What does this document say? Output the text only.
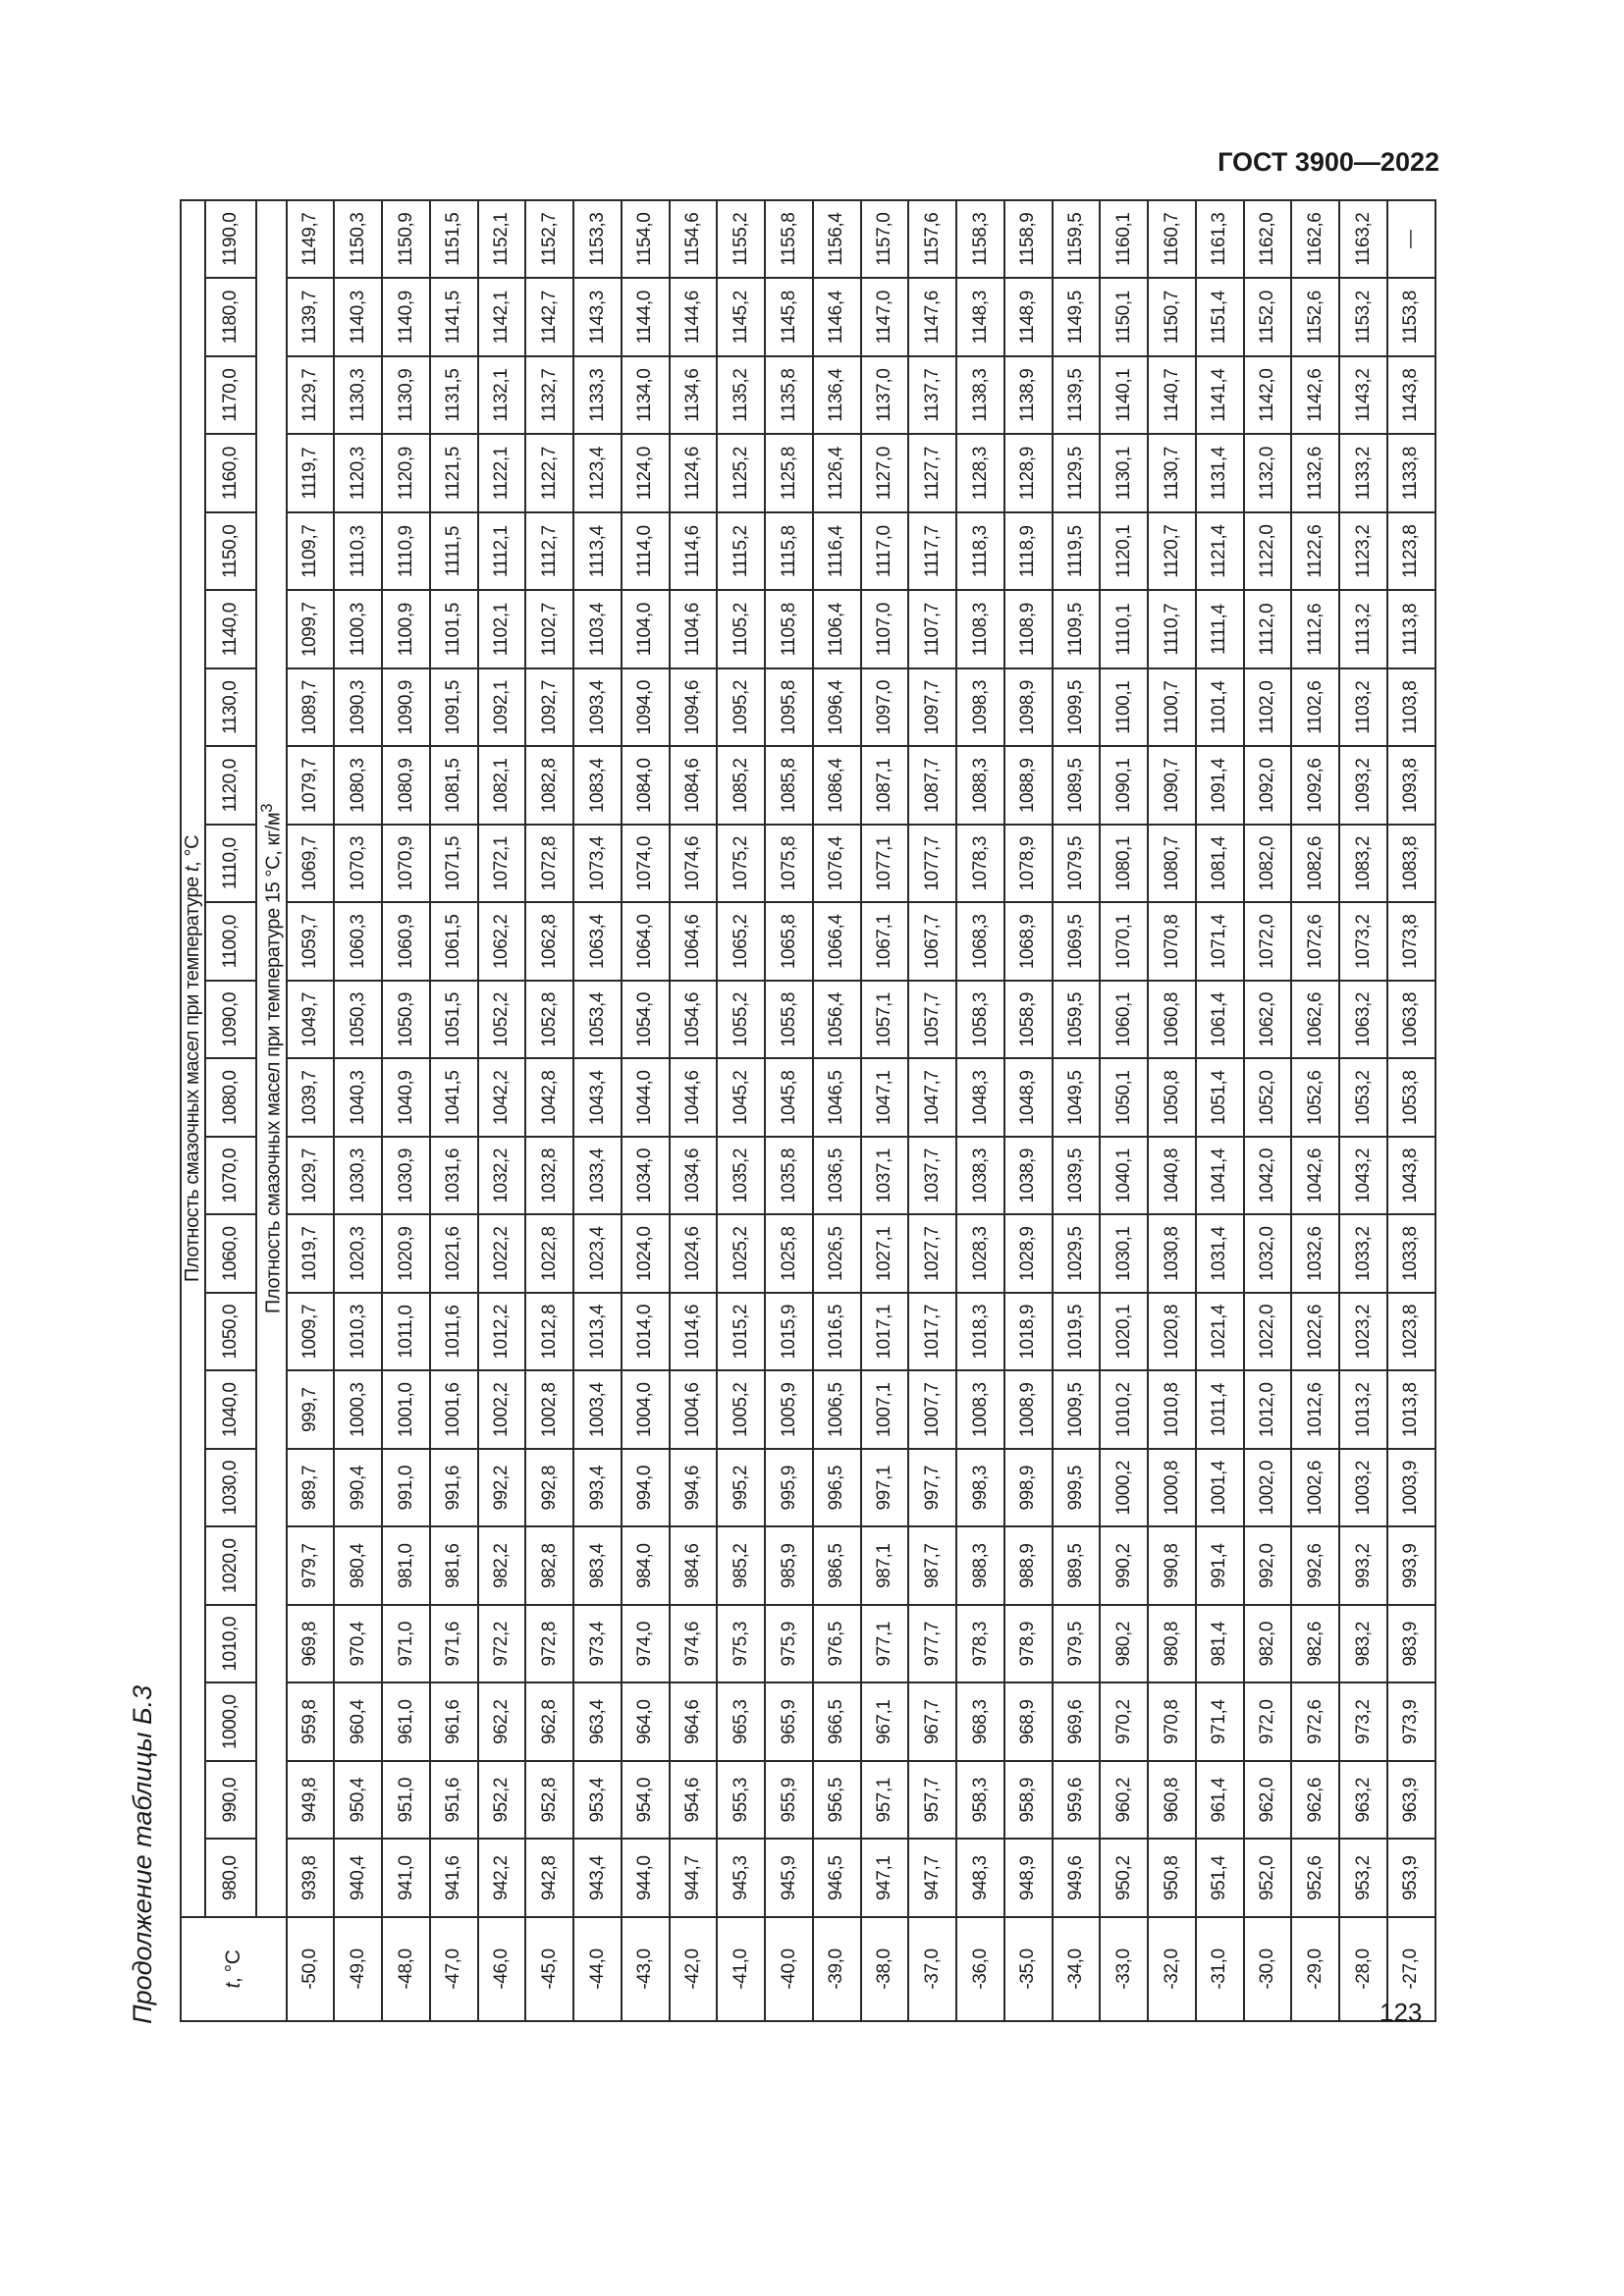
ГОСТ 3900—2022
Продолжение таблицы Б.3	t, °С	Плотность смазочных масел при температуре t, °С																					
	980,0	990,0	1000,0	1010,0	1020,0	1030,0	1040,0	1050,0	1060,0	1070,0	1080,0	1090,0	1100,0	1110,0	1120,0	1130,0	1140,0	1150,0	1160,0	1170,0	1180,0	1190,0
	Плотность смазочных масел при температуре 15 °С, $кг/м^3$
-50,0	939,8	949,8	959,8	969,8	979,7	989,7	999,7	1009,7	1019,7	1029,7	1039,7	1049,7	1059,7	1069,7	1079,7	1089,7	1099,7	1109,7	1119,7	1129,7	1139,7	1149,7
-49,0	940,4	950,4	960,4	970,4	980,4	990,4	1000,3	1010,3	1020,3	1030,3	1040,3	1050,3	1060,3	1070,3	1080,3	1090,3	1100,3	1110,3	1120,3	1130,3	1140,3	1150,3
-48,0	941,0	951,0	961,0	971,0	981,0	991,0	1001,0	1011,0	1020,9	1030,9	1040,9	1050,9	1060,9	1070,9	1080,9	1090,9	1100,9	1110,9	1120,9	1130,9	1140,9	1150,9
-47,0	941,6	951,6	961,6	971,6	981,6	991,6	1001,6	1011,6	1021,6	1031,6	1041,5	1051,5	1061,5	1071,5	1081,5	1091,5	1101,5	1111,5	1121,5	1131,5	1141,5	1151,5
-46,0	942,2	952,2	962,2	972,2	982,2	992,2	1002,2	1012,2	1022,2	1032,2	1042,2	1052,2	1062,2	1072,1	1082,1	1092,1	1102,1	1112,1	1122,1	1132,1	1142,1	1152,1
-45,0	942,8	952,8	962,8	972,8	982,8	992,8	1002,8	1012,8	1022,8	1032,8	1042,8	1052,8	1062,8	1072,8	1082,8	1092,7	1102,7	1112,7	1122,7	1132,7	1142,7	1152,7
-44,0	943,4	953,4	963,4	973,4	983,4	993,4	1003,4	1013,4	1023,4	1033,4	1043,4	1053,4	1063,4	1073,4	1083,4	1093,4	1103,4	1113,4	1123,4	1133,3	1143,3	1153,3
-43,0	944,0	954,0	964,0	974,0	984,0	994,0	1004,0	1014,0	1024,0	1034,0	1044,0	1054,0	1064,0	1074,0	1084,0	1094,0	1104,0	1114,0	1124,0	1134,0	1144,0	1154,0
-42,0	944,7	954,6	964,6	974,6	984,6	994,6	1004,6	1014,6	1024,6	1034,6	1044,6	1054,6	1064,6	1074,6	1084,6	1094,6	1104,6	1114,6	1124,6	1134,6	1144,6	1154,6
-41,0	945,3	955,3	965,3	975,3	985,2	995,2	1005,2	1015,2	1025,2	1035,2	1045,2	1055,2	1065,2	1075,2	1085,2	1095,2	1105,2	1115,2	1125,2	1135,2	1145,2	1155,2
-40,0	945,9	955,9	965,9	975,9	985,9	995,9	1005,9	1015,9	1025,8	1035,8	1045,8	1055,8	1065,8	1075,8	1085,8	1095,8	1105,8	1115,8	1125,8	1135,8	1145,8	1155,8
-39,0	946,5	956,5	966,5	976,5	986,5	996,5	1006,5	1016,5	1026,5	1036,5	1046,5	1056,4	1066,4	1076,4	1086,4	1096,4	1106,4	1116,4	1126,4	1136,4	1146,4	1156,4
-38,0	947,1	957,1	967,1	977,1	987,1	997,1	1007,1	1017,1	1027,1	1037,1	1047,1	1057,1	1067,1	1077,1	1087,1	1097,0	1107,0	1117,0	1127,0	1137,0	1147,0	1157,0
-37,0	947,7	957,7	967,7	977,7	987,7	997,7	1007,7	1017,7	1027,7	1037,7	1047,7	1057,7	1067,7	1077,7	1087,7	1097,7	1107,7	1117,7	1127,7	1137,7	1147,6	1157,6
-36,0	948,3	958,3	968,3	978,3	988,3	998,3	1008,3	1018,3	1028,3	1038,3	1048,3	1058,3	1068,3	1078,3	1088,3	1098,3	1108,3	1118,3	1128,3	1138,3	1148,3	1158,3
-35,0	948,9	958,9	968,9	978,9	988,9	998,9	1008,9	1018,9	1028,9	1038,9	1048,9	1058,9	1068,9	1078,9	1088,9	1098,9	1108,9	1118,9	1128,9	1138,9	1148,9	1158,9
-34,0	949,6	959,6	969,6	979,5	989,5	999,5	1009,5	1019,5	1029,5	1039,5	1049,5	1059,5	1069,5	1079,5	1089,5	1099,5	1109,5	1119,5	1129,5	1139,5	1149,5	1159,5
-33,0	950,2	960,2	970,2	980,2	990,2	1000,2	1010,2	1020,1	1030,1	1040,1	1050,1	1060,1	1070,1	1080,1	1090,1	1100,1	1110,1	1120,1	1130,1	1140,1	1150,1	1160,1
-32,0	950,8	960,8	970,8	980,8	990,8	1000,8	1010,8	1020,8	1030,8	1040,8	1050,8	1060,8	1070,8	1080,7	1090,7	1100,7	1110,7	1120,7	1130,7	1140,7	1150,7	1160,7
-31,0	951,4	961,4	971,4	981,4	991,4	1001,4	1011,4	1021,4	1031,4	1041,4	1051,4	1061,4	1071,4	1081,4	1091,4	1101,4	1111,4	1121,4	1131,4	1141,4	1151,4	1161,3
-30,0	952,0	962,0	972,0	982,0	992,0	1002,0	1012,0	1022,0	1032,0	1042,0	1052,0	1062,0	1072,0	1082,0	1092,0	1102,0	1112,0	1122,0	1132,0	1142,0	1152,0	1162,0
-29,0	952,6	962,6	972,6	982,6	992,6	1002,6	1012,6	1022,6	1032,6	1042,6	1052,6	1062,6	1072,6	1082,6	1092,6	1102,6	1112,6	1122,6	1132,6	1142,6	1152,6	1162,6
-28,0	953,2	963,2	973,2	983,2	993,2	1003,2	1013,2	1023,2	1033,2	1043,2	1053,2	1063,2	1073,2	1083,2	1093,2	1103,2	1113,2	1123,2	1133,2	1143,2	1153,2	1163,2
-27,0	953,9	963,9	973,9	983,9	993,9	1003,9	1013,8	1023,8	1033,8	1043,8	1053,8	1063,8	1073,8	1083,8	1093,8	1103,8	1113,8	1123,8	1133,8	1143,8	1153,8	—
123
